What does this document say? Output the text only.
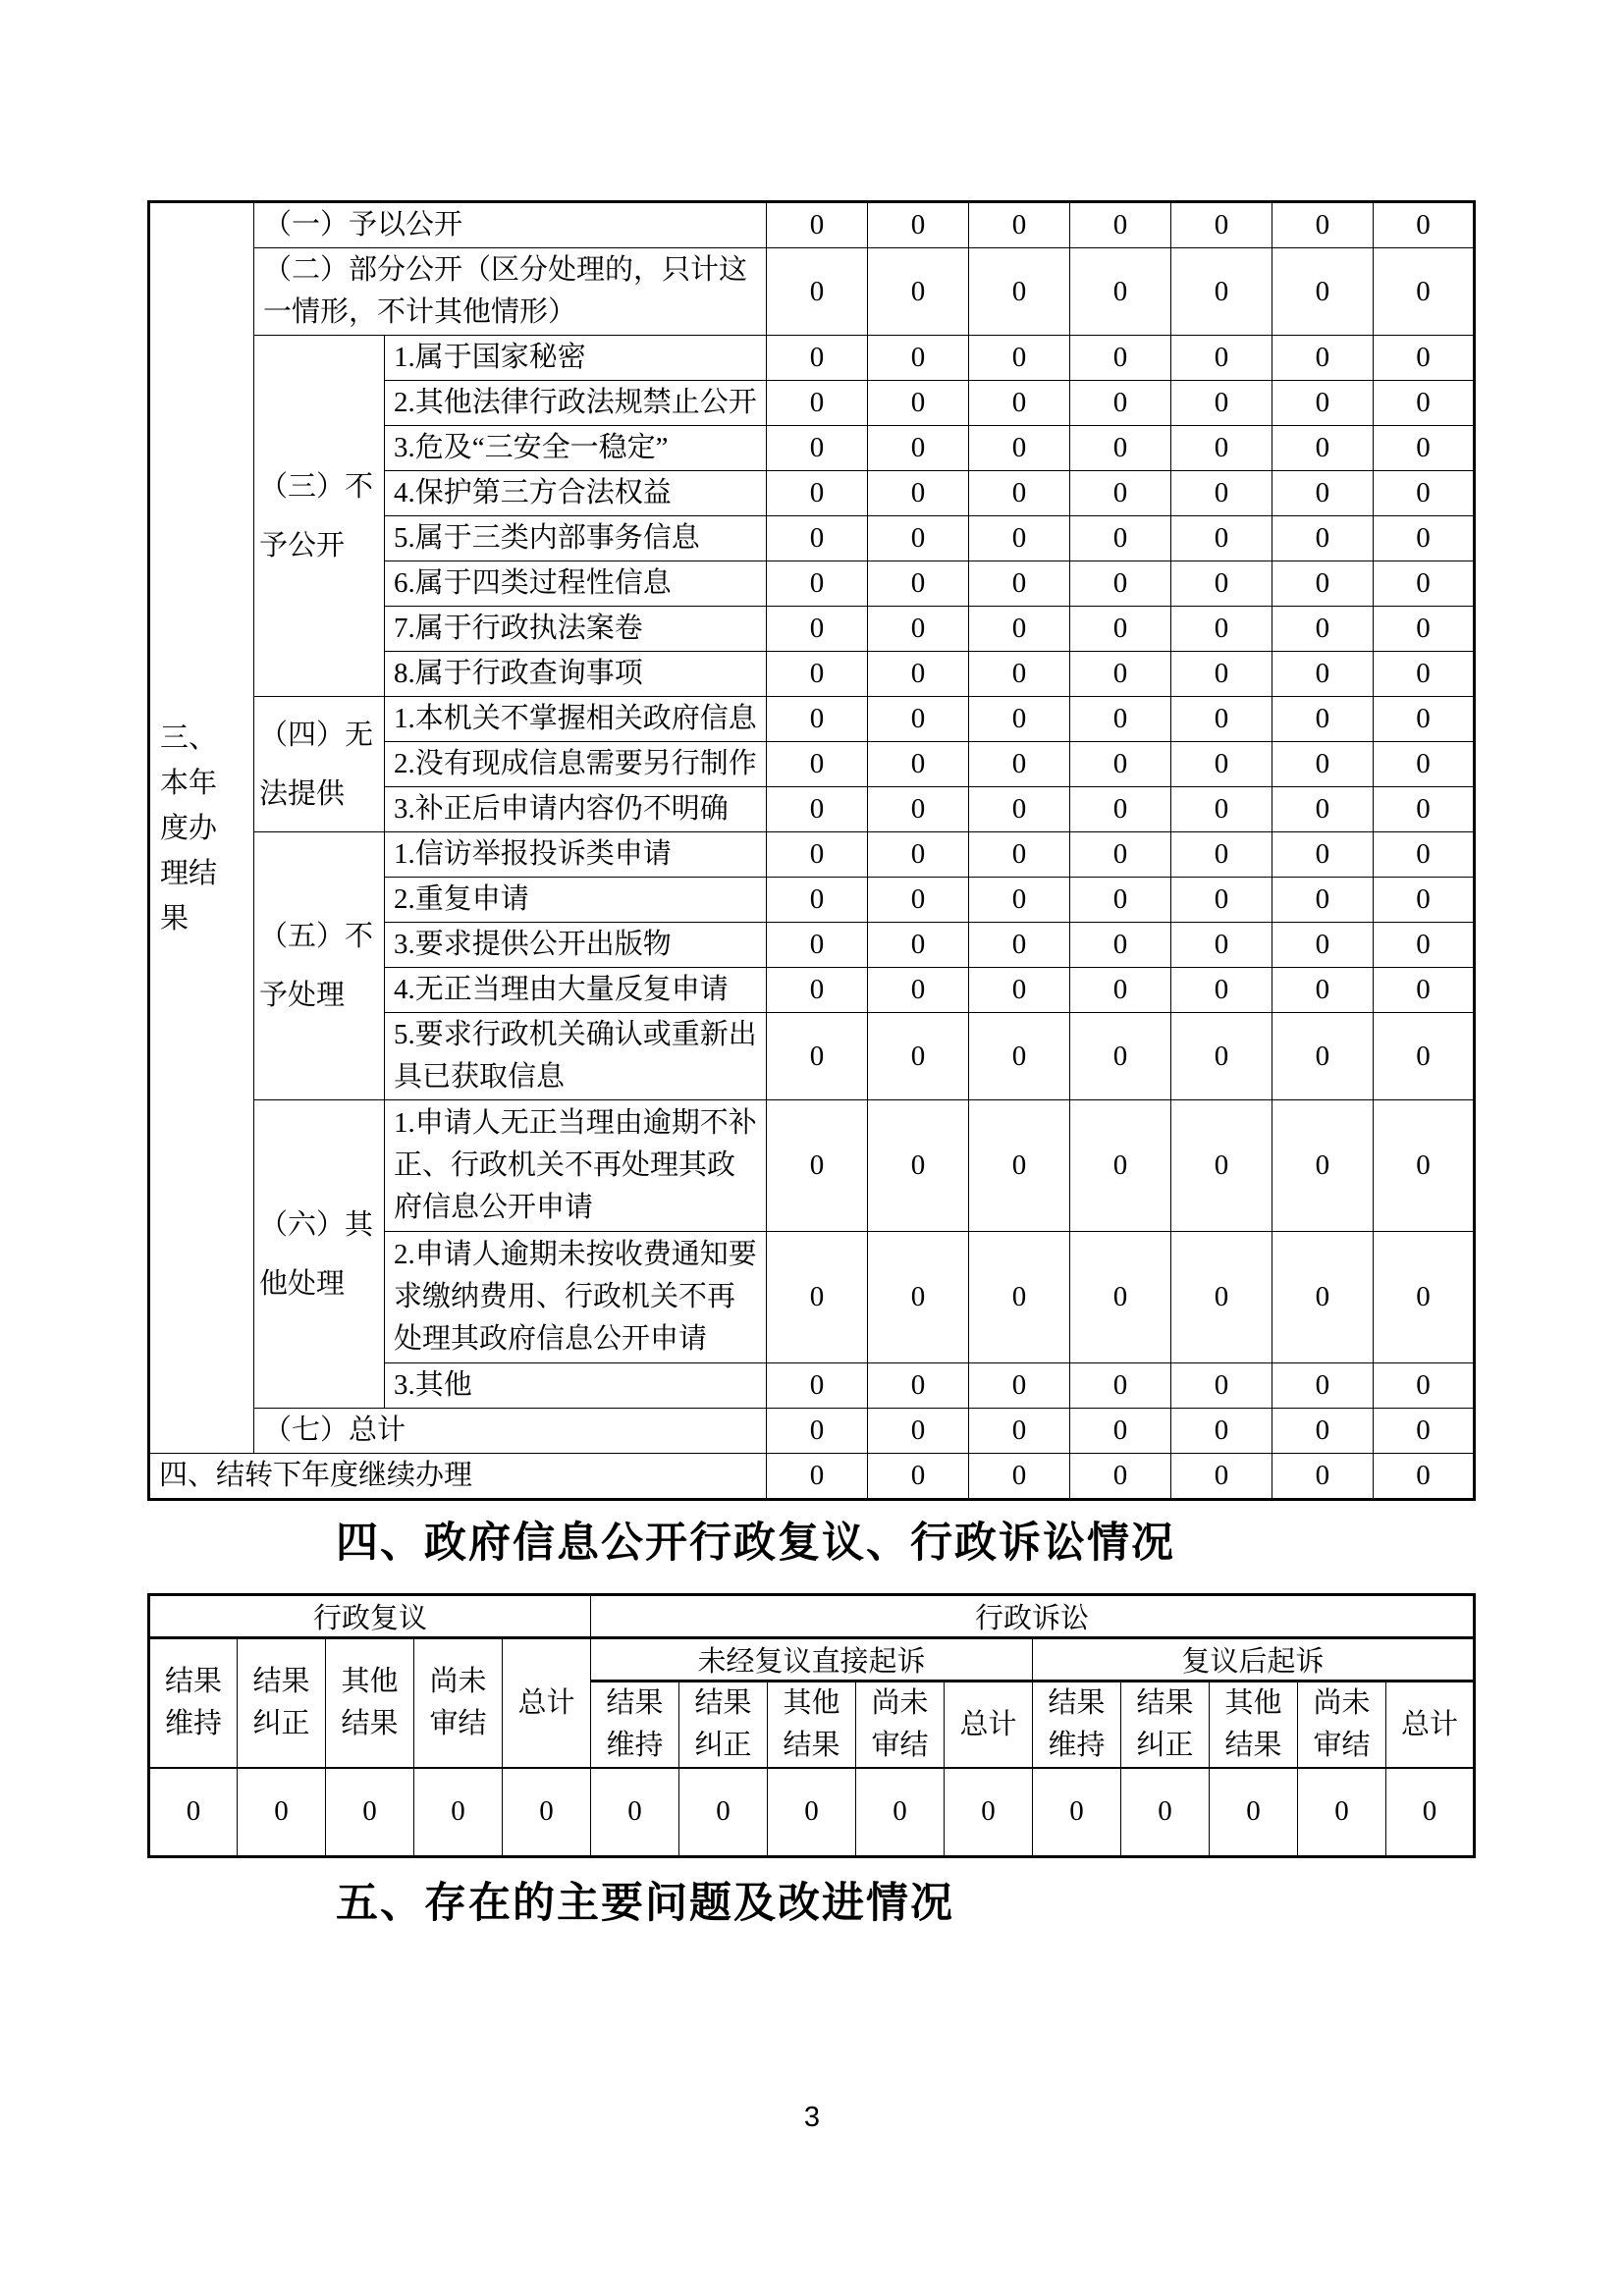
三、本年度办理结果	（一）予以公开		0	0	0	0	0	0	0
	（二）部分公开（区分处理的，只计这一情形，不计其他情形）		0	0	0	0	0	0	0
	（三）不予公开	1.属于国家秘密	0	0	0	0	0	0	0
		2.其他法律行政法规禁止公开	0	0	0	0	0	0	0
		3.危及“三安全一稳定”	0	0	0	0	0	0	0
		4.保护第三方合法权益	0	0	0	0	0	0	0
		5.属于三类内部事务信息	0	0	0	0	0	0	0
		6.属于四类过程性信息	0	0	0	0	0	0	0
		7.属于行政执法案卷	0	0	0	0	0	0	0
		8.属于行政查询事项	0	0	0	0	0	0	0
	（四）无法提供	1.本机关不掌握相关政府信息	0	0	0	0	0	0	0
		2.没有现成信息需要另行制作	0	0	0	0	0	0	0
		3.补正后申请内容仍不明确	0	0	0	0	0	0	0
	（五）不予处理	1.信访举报投诉类申请	0	0	0	0	0	0	0
		2.重复申请	0	0	0	0	0	0	0
		3.要求提供公开出版物	0	0	0	0	0	0	0
		4.无正当理由大量反复申请	0	0	0	0	0	0	0
		5.要求行政机关确认或重新出具已获取信息	0	0	0	0	0	0	0
	（六）其他处理	1.申请人无正当理由逾期不补正、行政机关不再处理其政府信息公开申请	0	0	0	0	0	0	0
		2.申请人逾期未按收费通知要求缴纳费用、行政机关不再处理其政府信息公开申请	0	0	0	0	0	0	0
		3.其他	0	0	0	0	0	0	0
	（七）总计		0	0	0	0	0	0	0
四、结转下年度继续办理			0	0	0	0	0	0	0
四、政府信息公开行政复议、行政诉讼情况
行政复议					行政诉讼									
结果维持	结果纠正	其他结果	尚未审结	总计	未经复议直接起诉					复议后起诉				
					结果维持	结果纠正	其他结果	尚未审结	总计	结果维持	结果纠正	其他结果	尚未审结	总计
0	0	0	0	0	0	0	0	0	0	0	0	0	0	0
五、存在的主要问题及改进情况
3
